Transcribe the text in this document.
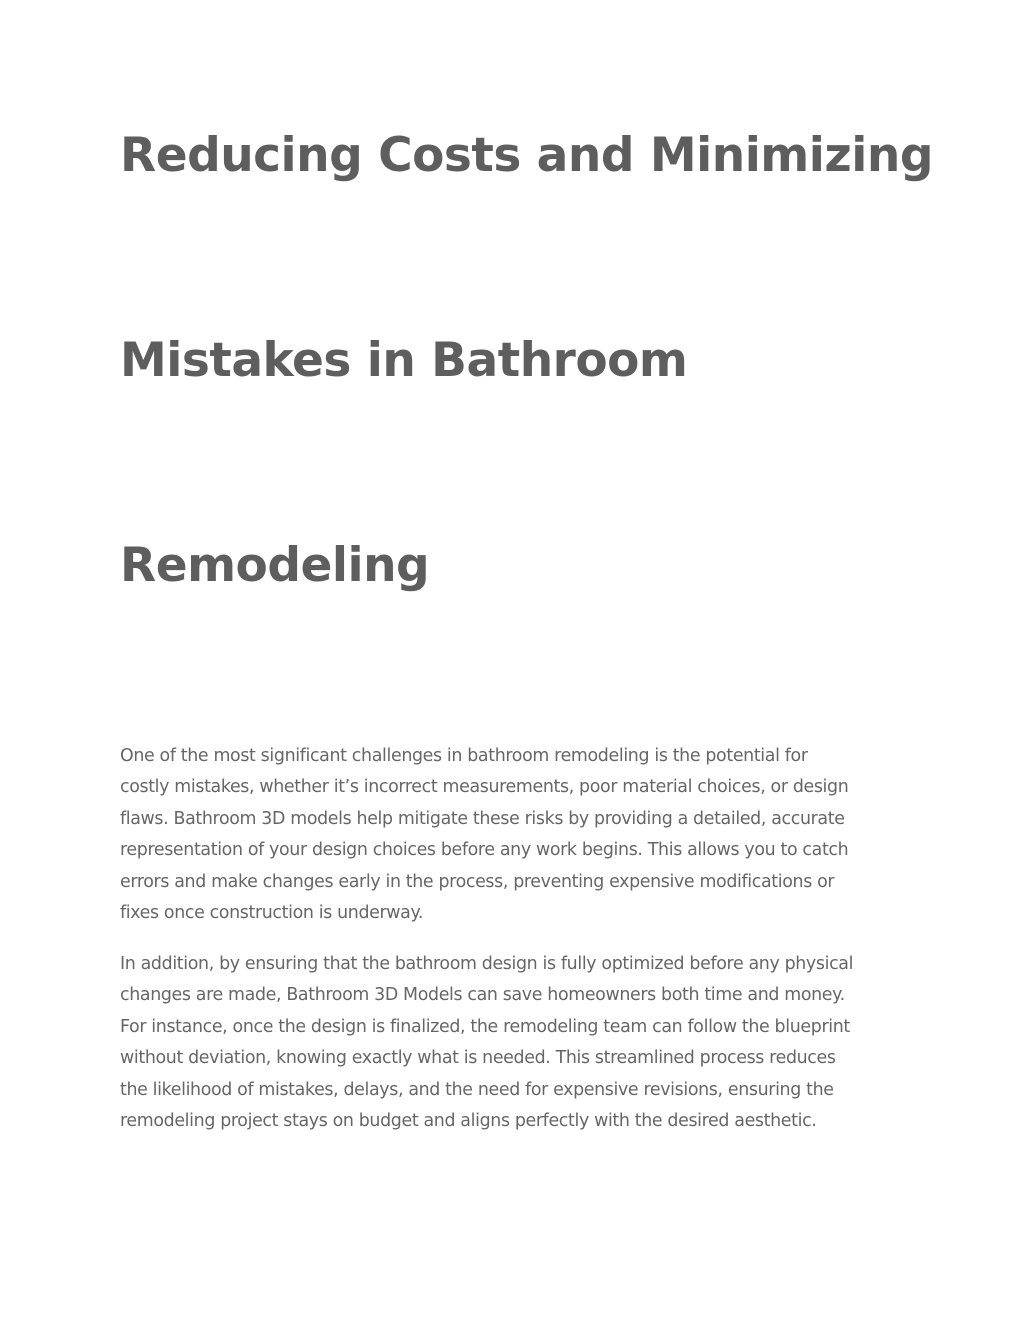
Reducing Costs and Minimizing
Mistakes in Bathroom
Remodeling

One of the most significant challenges in bathroom remodeling is the potential for
costly mistakes, whether it’s incorrect measurements, poor material choices, or design
flaws. Bathroom 3D models help mitigate these risks by providing a detailed, accurate
representation of your design choices before any work begins. This allows you to catch
errors and make changes early in the process, preventing expensive modifications or
fixes once construction is underway.

In addition, by ensuring that the bathroom design is fully optimized before any physical
changes are made, Bathroom 3D Models can save homeowners both time and money.
For instance, once the design is finalized, the remodeling team can follow the blueprint
without deviation, knowing exactly what is needed. This streamlined process reduces
the likelihood of mistakes, delays, and the need for expensive revisions, ensuring the
remodeling project stays on budget and aligns perfectly with the desired aesthetic.
